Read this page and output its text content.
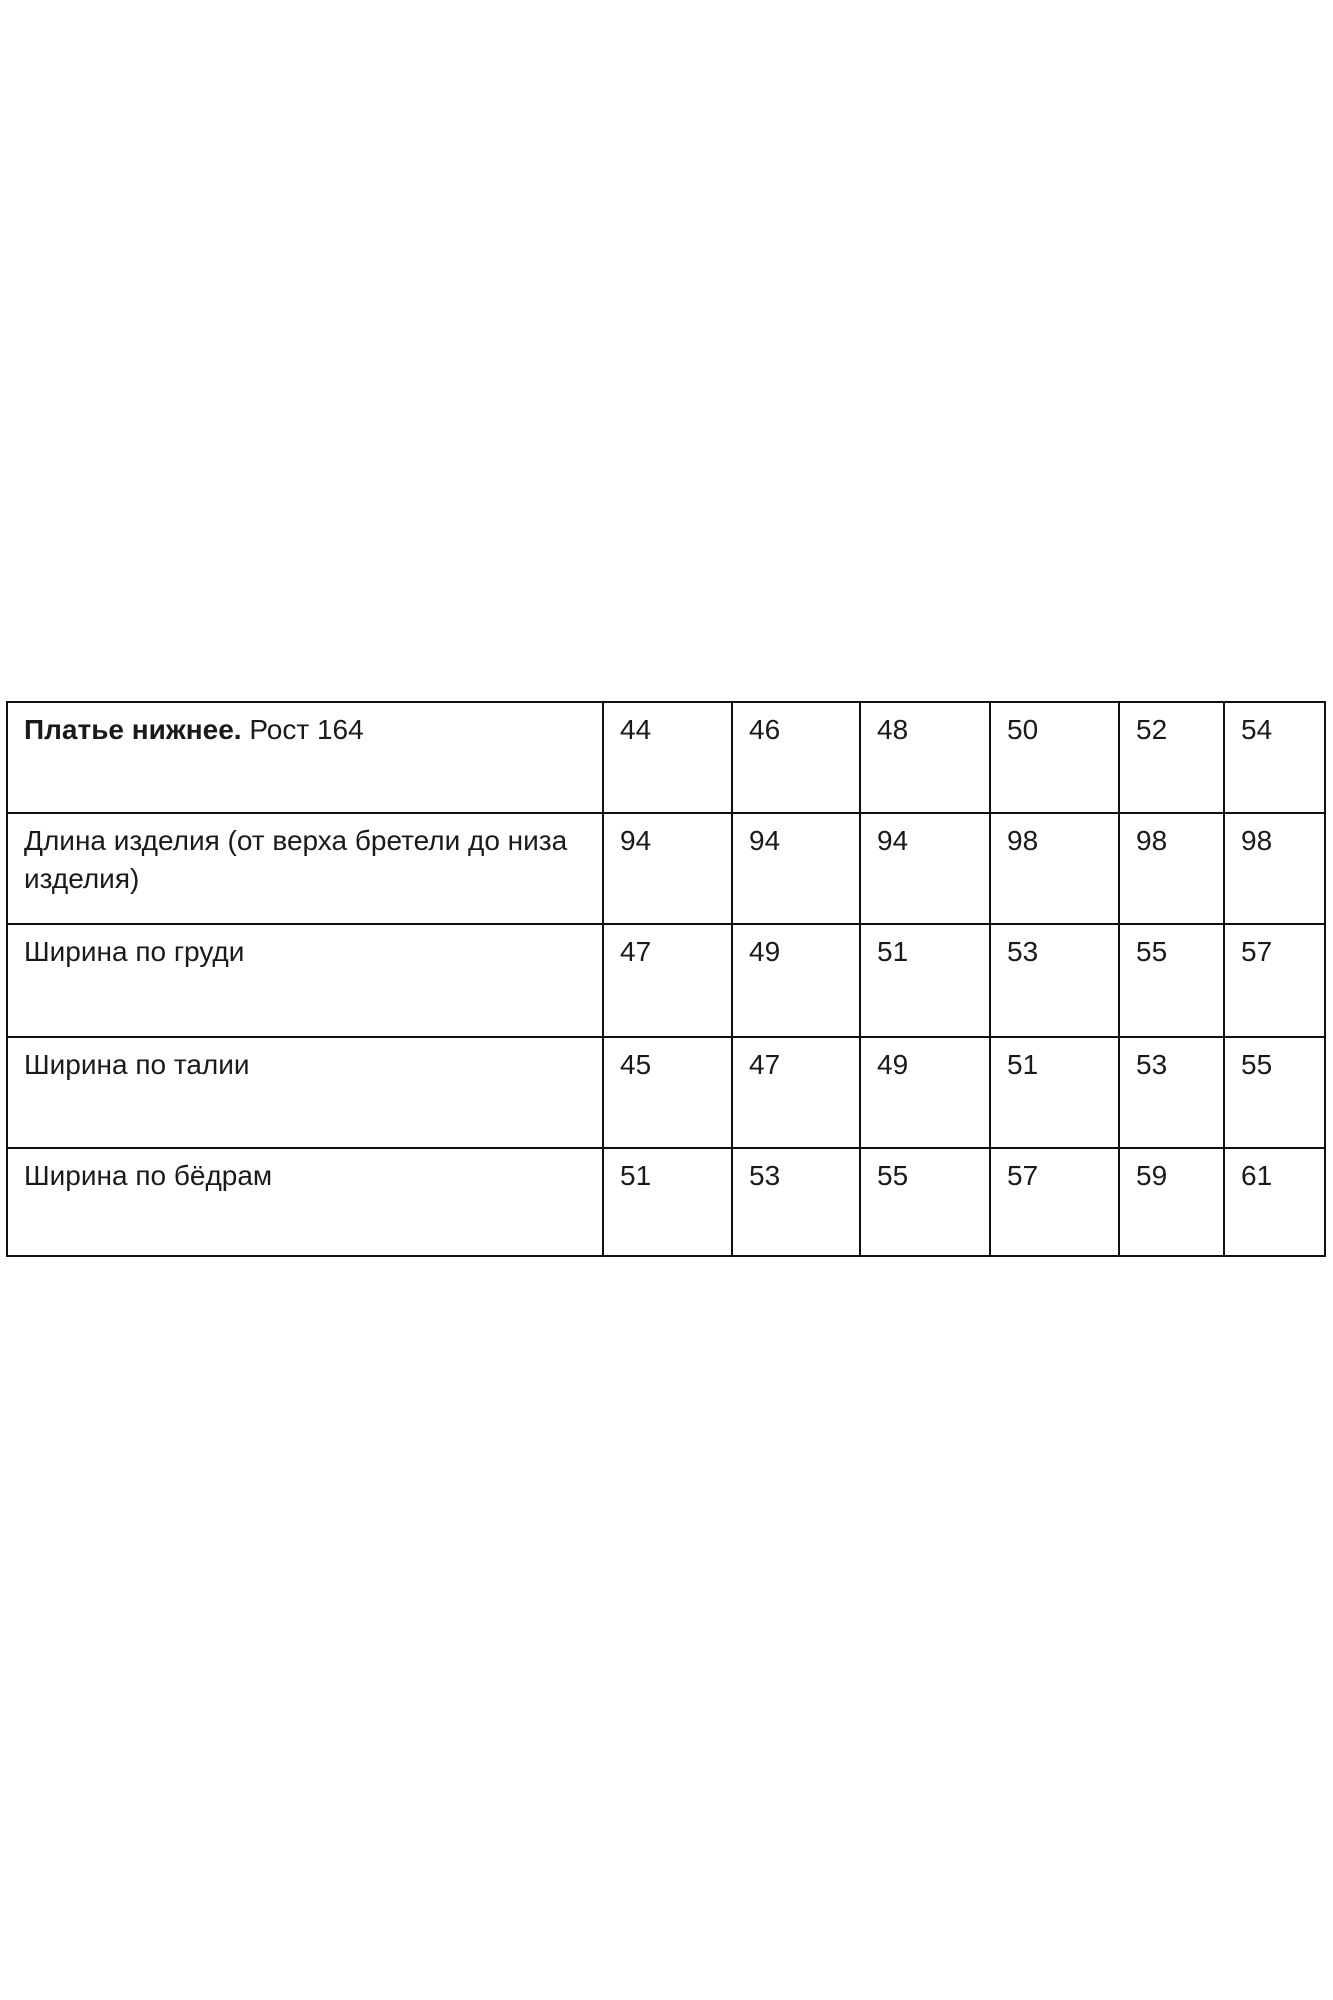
Платье нижнее. Рост 164	44	46	48	50	52	54
Длина изделия (от верха бретели до низа изделия)	94	94	94	98	98	98
Ширина по груди	47	49	51	53	55	57
Ширина по талии	45	47	49	51	53	55
Ширина по бёдрам	51	53	55	57	59	61
